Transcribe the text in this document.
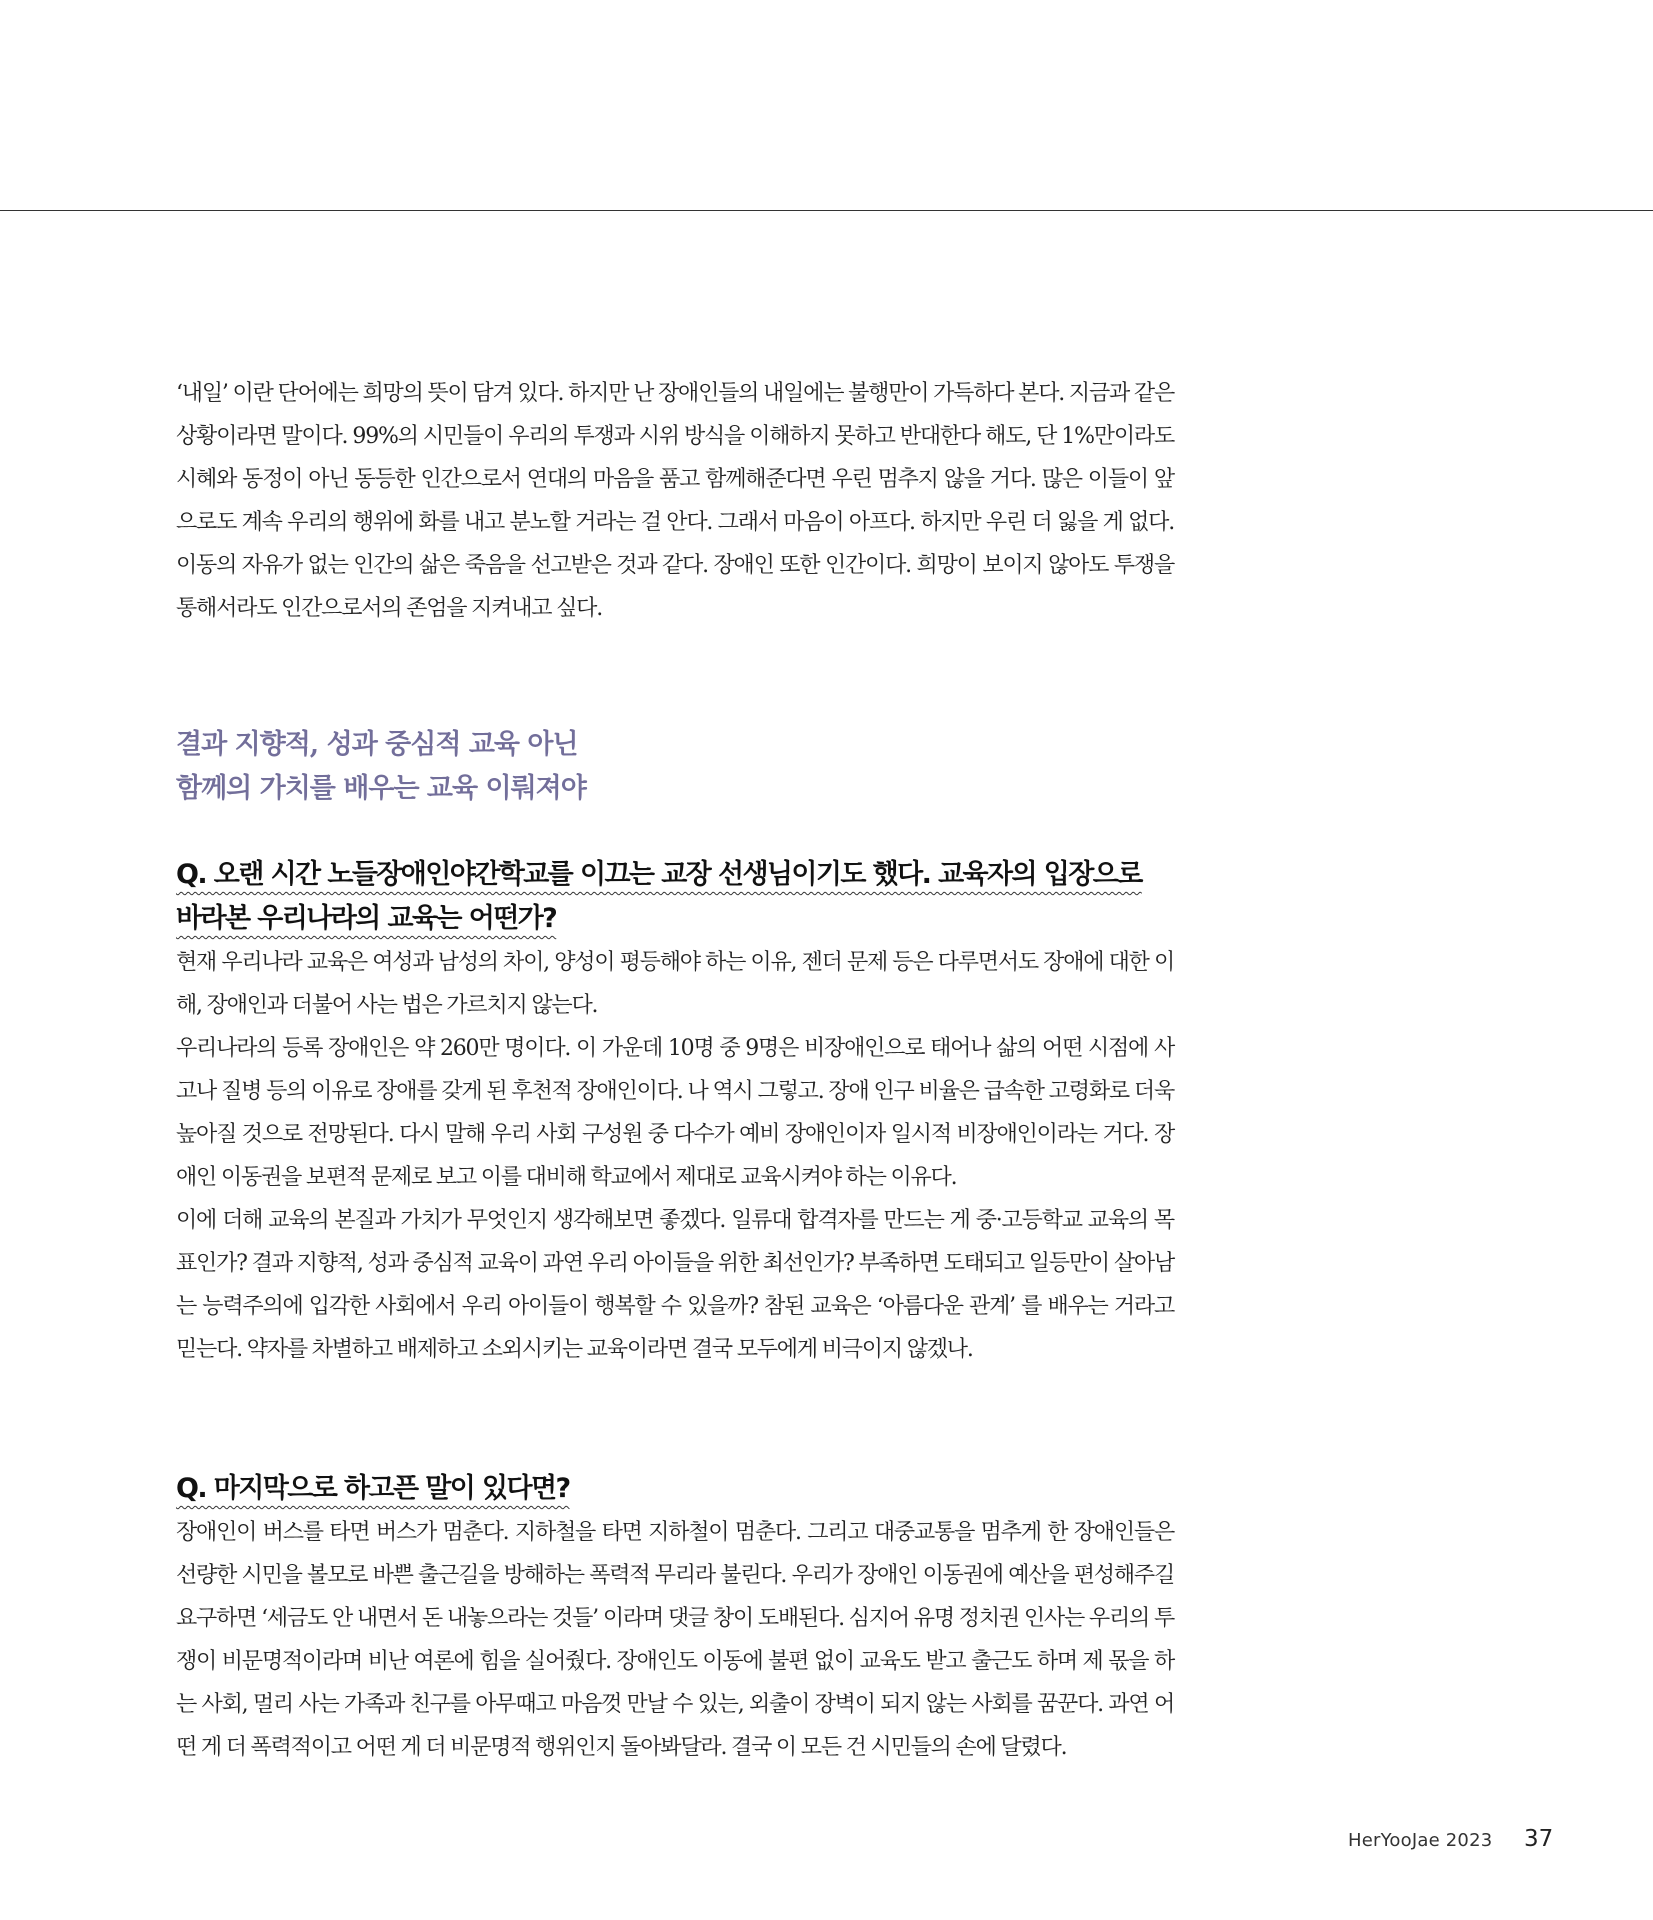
‘내일’ 이란 단어에는 희망의 뜻이 담겨 있다. 하지만 난 장애인들의 내일에는 불행만이 가득하다 본다. 지금과 같은 상황이라면 말이다. 99%의 시민들이 우리의 투쟁과 시위 방식을 이해하지 못하고 반대한다 해도, 단 1%만이라도 시혜와 동정이 아닌 동등한 인간으로서 연대의 마음을 품고 함께해준다면 우린 멈추지 않을 거다. 많은 이들이 앞으로도 계속 우리의 행위에 화를 내고 분노할 거라는 걸 안다. 그래서 마음이 아프다. 하지만 우린 더 잃을 게 없다. 이동의 자유가 없는 인간의 삶은 죽음을 선고받은 것과 같다. 장애인 또한 인간이다. 희망이 보이지 않아도 투쟁을 통해서라도 인간으로서의 존엄을 지켜내고 싶다.

결과 지향적, 성과 중심적 교육 아닌
함께의 가치를 배우는 교육 이뤄져야
Q. 오랜 시간 노들장애인야간학교를 이끄는 교장 선생님이기도 했다. 교육자의 입장으로
바라본 우리나라의 교육는 어떤가?

현재 우리나라 교육은 여성과 남성의 차이, 양성이 평등해야 하는 이유, 젠더 문제 등은 다루면서도 장애에 대한 이해, 장애인과 더불어 사는 법은 가르치지 않는다.

우리나라의 등록 장애인은 약 260만 명이다. 이 가운데 10명 중 9명은 비장애인으로 태어나 삶의 어떤 시점에 사고나 질병 등의 이유로 장애를 갖게 된 후천적 장애인이다. 나 역시 그렇고. 장애 인구 비율은 급속한 고령화로 더욱 높아질 것으로 전망된다. 다시 말해 우리 사회 구성원 중 다수가 예비 장애인이자 일시적 비장애인이라는 거다. 장애인 이동권을 보편적 문제로 보고 이를 대비해 학교에서 제대로 교육시켜야 하는 이유다.

이에 더해 교육의 본질과 가치가 무엇인지 생각해보면 좋겠다. 일류대 합격자를 만드는 게 중·고등학교 교육의 목표인가? 결과 지향적, 성과 중심적 교육이 과연 우리 아이들을 위한 최선인가? 부족하면 도태되고 일등만이 살아남는 능력주의에 입각한 사회에서 우리 아이들이 행복할 수 있을까? 참된 교육은 ‘아름다운 관계’ 를 배우는 거라고 믿는다. 약자를 차별하고 배제하고 소외시키는 교육이라면 결국 모두에게 비극이지 않겠나.

Q. 마지막으로 하고픈 말이 있다면?

장애인이 버스를 타면 버스가 멈춘다. 지하철을 타면 지하철이 멈춘다. 그리고 대중교통을 멈추게 한 장애인들은 선량한 시민을 볼모로 바쁜 출근길을 방해하는 폭력적 무리라 불린다. 우리가 장애인 이동권에 예산을 편성해주길 요구하면 ‘세금도 안 내면서 돈 내놓으라는 것들’ 이라며 댓글 창이 도배된다. 심지어 유명 정치권 인사는 우리의 투쟁이 비문명적이라며 비난 여론에 힘을 실어줬다. 장애인도 이동에 불편 없이 교육도 받고 출근도 하며 제 몫을 하는 사회, 멀리 사는 가족과 친구를 아무때고 마음껏 만날 수 있는, 외출이 장벽이 되지 않는 사회를 꿈꾼다. 과연 어떤 게 더 폭력적이고 어떤 게 더 비문명적 행위인지 돌아봐달라. 결국 이 모든 건 시민들의 손에 달렸다.

HerYooJae 2023 37
